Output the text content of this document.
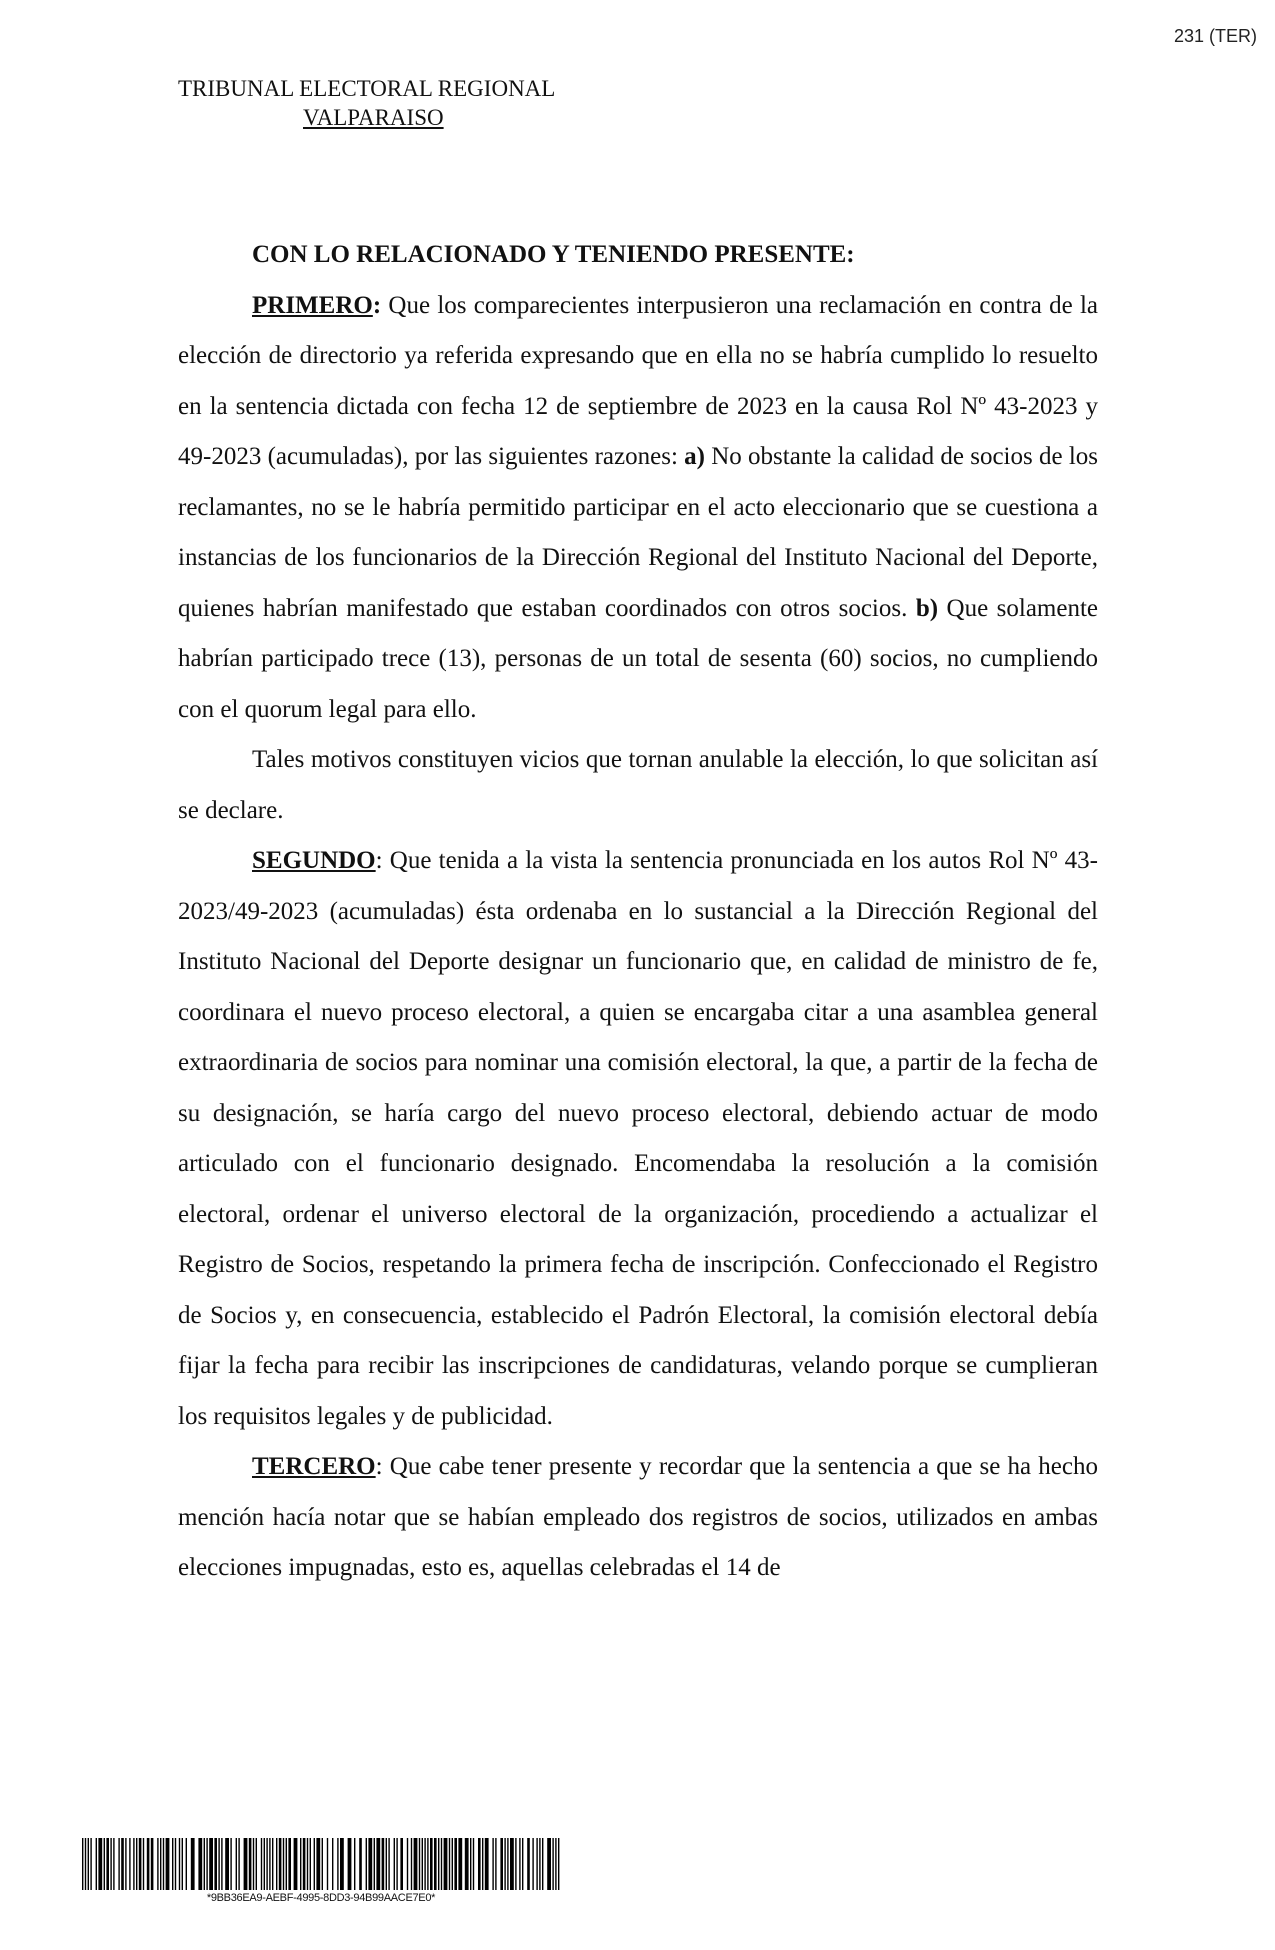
231 (TER)
TRIBUNAL ELECTORAL REGIONAL
VALPARAISO

CON LO RELACIONADO Y TENIENDO PRESENTE:

PRIMERO: Que los comparecientes interpusieron una reclamación en contra de la elección de directorio ya referida expresando que en ella no se habría cumplido lo resuelto en la sentencia dictada con fecha 12 de septiembre de 2023 en la causa Rol Nº 43-2023 y 49-2023 (acumuladas), por las siguientes razones: a) No obstante la calidad de socios de los reclamantes, no se le habría permitido participar en el acto eleccionario que se cuestiona a instancias de los funcionarios de la Dirección Regional del Instituto Nacional del Deporte, quienes habrían manifestado que estaban coordinados con otros socios. b) Que solamente habrían participado trece (13), personas de un total de sesenta (60) socios, no cumpliendo con el quorum legal para ello.

Tales motivos constituyen vicios que tornan anulable la elección, lo que solicitan así se declare.

SEGUNDO: Que tenida a la vista la sentencia pronunciada en los autos Rol Nº 43-2023/49-2023 (acumuladas) ésta ordenaba en lo sustancial a la Dirección Regional del Instituto Nacional del Deporte designar un funcionario que, en calidad de ministro de fe, coordinara el nuevo proceso electoral, a quien se encargaba citar a una asamblea general extraordinaria de socios para nominar una comisión electoral, la que, a partir de la fecha de su designación, se haría cargo del nuevo proceso electoral, debiendo actuar de modo articulado con el funcionario designado. Encomendaba la resolución a la comisión electoral, ordenar el universo electoral de la organización, procediendo a actualizar el Registro de Socios, respetando la primera fecha de inscripción. Confeccionado el Registro de Socios y, en consecuencia, establecido el Padrón Electoral, la comisión electoral debía fijar la fecha para recibir las inscripciones de candidaturas, velando porque se cumplieran los requisitos legales y de publicidad.

TERCERO: Que cabe tener presente y recordar que la sentencia a que se ha hecho mención hacía notar que se habían empleado dos registros de socios, utilizados en ambas elecciones impugnadas, esto es, aquellas celebradas el 14 de

*9BB36EA9-AEBF-4995-8DD3-94B99AACE7E0*
